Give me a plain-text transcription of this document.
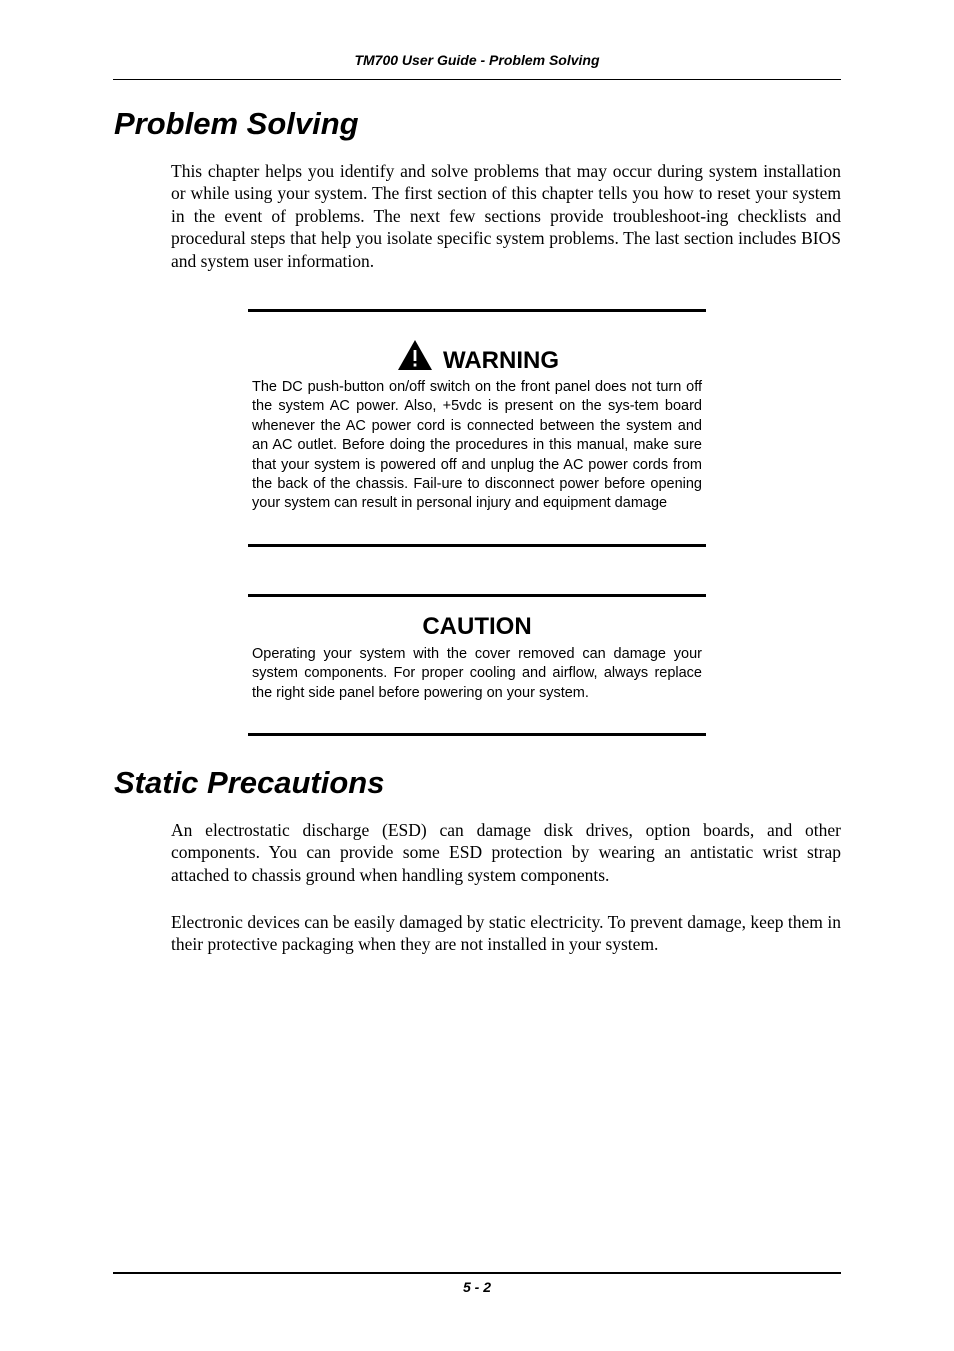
TM700 User Guide - Problem Solving
Problem Solving

This chapter helps you identify and solve problems that may occur during system installation or while using your system. The first section of this chapter tells you how to reset your system in the event of problems. The next few sections provide troubleshoot-ing checklists and procedural steps that help you isolate specific system problems. The last section includes BIOS and system user information.

WARNING

The DC push-button on/off switch on the front panel does not turn off the system AC power. Also, +5vdc is present on the sys-tem board whenever the AC power cord is connected between the system and an AC outlet. Before doing the procedures in this manual, make sure that your system is powered off and unplug the AC power cords from the back of the chassis. Fail-ure to disconnect power before opening your system can result in personal injury and equipment damage

CAUTION

Operating your system with the cover removed can damage your system components. For proper cooling and airflow, always replace the right side panel before powering on your system.

Static Precautions

An electrostatic discharge (ESD) can damage disk drives, option boards, and other components. You can provide some ESD protection by wearing an antistatic wrist strap attached to chassis ground when handling system components.

Electronic devices can be easily damaged by static electricity. To prevent damage, keep them in their protective packaging when they are not installed in your system.

5 - 2
